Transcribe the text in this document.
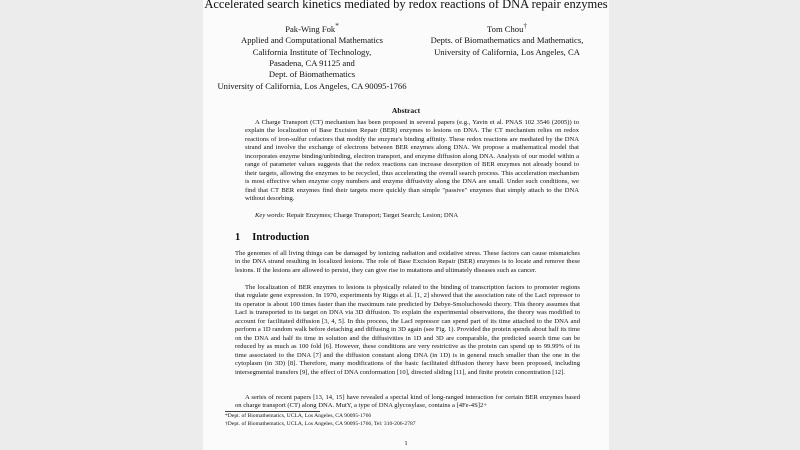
Accelerated search kinetics mediated by redox reactions of DNA repair enzymes
Pak-Wing Fok*
Applied and Computational Mathematics
California Institute of Technology,
Pasadena, CA 91125 and
Dept. of Biomathematics
University of California, Los Angeles, CA 90095-1766
Tom Chou†
Depts. of Biomathematics and Mathematics,
University of California, Los Angeles, CA
Abstract

A Charge Transport (CT) mechanism has been proposed in several papers (e.g., Yavin et al. PNAS 102 3546 (2005)) to explain the localization of Base Excision Repair (BER) enzymes to lesions on DNA. The CT mechanism relies on redox reactions of iron-sulfur cofactors that modify the enzyme's binding affinity. These redox reactions are mediated by the DNA strand and involve the exchange of electrons between BER enzymes along DNA. We propose a mathematical model that incorporates enzyme binding/unbinding, electron transport, and enzyme diffusion along DNA. Analysis of our model within a range of parameter values suggests that the redox reactions can increase desorption of BER enzymes not already bound to their targets, allowing the enzymes to be recycled, thus accelerating the overall search process. This acceleration mechanism is most effective when enzyme copy numbers and enzyme diffusivity along the DNA are small. Under such conditions, we find that CT BER enzymes find their targets more quickly than simple "passive" enzymes that simply attach to the DNA without desorbing.

Key words: Repair Enzymes; Charge Transport; Target Search; Lesion; DNA

1 Introduction

The genomes of all living things can be damaged by ionizing radiation and oxidative stress. These factors can cause mismatches in the DNA strand resulting in localized lesions. The role of Base Excision Repair (BER) enzymes is to locate and remove these lesions. If the lesions are allowed to persist, they can give rise to mutations and ultimately diseases such as cancer.

The localization of BER enzymes to lesions is physically related to the binding of transcription factors to promoter regions that regulate gene expression. In 1970, experiments by Riggs et al. [1, 2] showed that the association rate of the LacI repressor to its operator is about 100 times faster than the maximum rate predicted by Debye-Smoluchowski theory. This theory assumes that LacI is transported to its target on DNA via 3D diffusion. To explain the experimental observations, the theory was modified to account for facilitated diffusion [3, 4, 5]. In this process, the LacI repressor can spend part of its time attached to the DNA and perform a 1D random walk before detaching and diffusing in 3D again (see Fig. 1). Provided the protein spends about half its time on the DNA and half its time in solution and the diffusivities in 1D and 3D are comparable, the predicted search time can be reduced by as much as 100 fold [6]. However, these conditions are very restrictive as the protein can spend up to 99.99% of its time associated to the DNA [7] and the diffusion constant along DNA (in 1D) is in general much smaller than the one in the cytoplasm (in 3D) [8]. Therefore, many modifications of the basic facilitated diffusion theory have been proposed, including intersegmental transfers [9], the effect of DNA conformation [10], directed sliding [11], and finite protein concentration [12].

A series of recent papers [13, 14, 15] have revealed a special kind of long-ranged interaction for certain BER enzymes based on charge transport (CT) along DNA. MutY, a type of DNA glycosylase, contains a [4Fe-4S]2+

*Dept. of Biomathematics, UCLA, Los Angeles, CA 90095-1766
†Dept. of Biomathematics, UCLA, Los Angeles, CA 90095-1766, Tel: 310-206-2787
1
